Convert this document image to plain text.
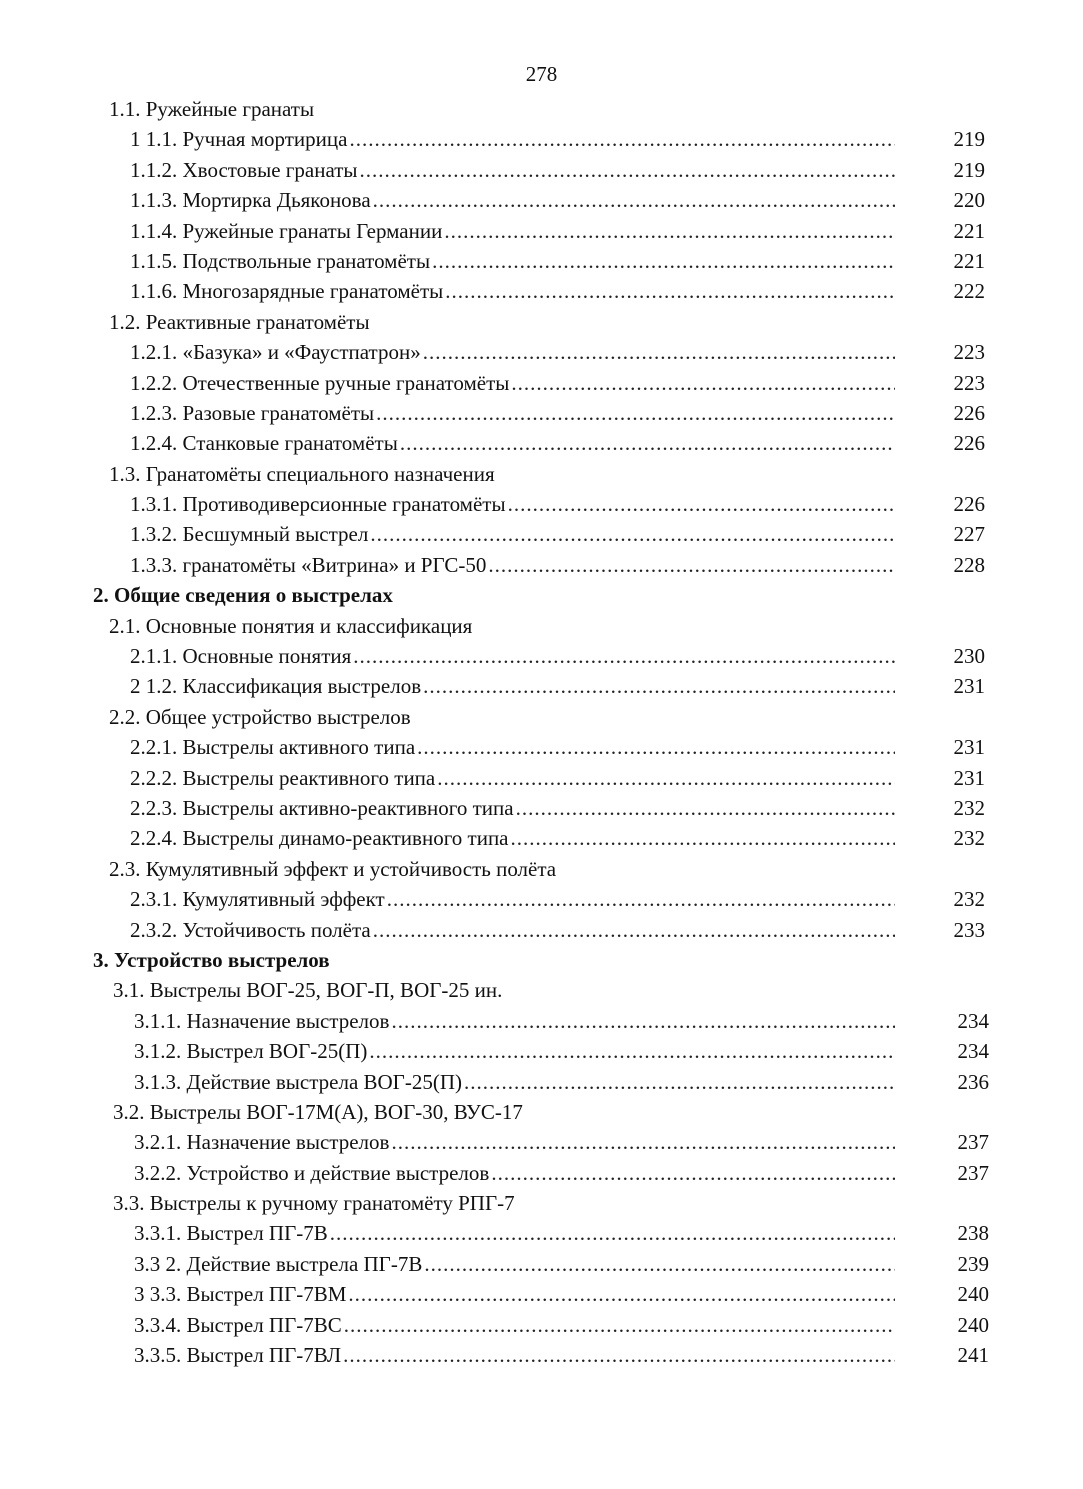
278
1.1. Ружейные гранаты
1 1.1. Ручная мортирица .....	219
1.1.2. Хвостовые гранаты .....	219
1.1.3. Мортирка Дьяконова .....	220
1.1.4. Ружейные гранаты Германии .....	221
1.1.5. Подствольные гранатомёты .....	221
1.1.6. Многозарядные гранатомёты .....	222
1.2. Реактивные гранатомёты
1.2.1. «Базука» и «Фаустпатрон» .....	223
1.2.2. Отечественные ручные гранатомёты .....	223
1.2.3. Разовые гранатомёты .....	226
1.2.4. Станковые гранатомёты .....	226
1.3. Гранатомёты специального назначения
1.3.1. Противодиверсионные гранатомёты .....	226
1.3.2. Бесшумный выстрел .....	227
1.3.3. гранатомёты «Витрина» и РГС-50 .....	228
2. Общие сведения о выстрелах
2.1. Основные понятия и классификация
2.1.1. Основные понятия .....	230
2 1.2. Классификация выстрелов .....	231
2.2. Общее устройство выстрелов
2.2.1. Выстрелы активного типа .....	231
2.2.2. Выстрелы реактивного типа .....	231
2.2.3. Выстрелы активно-реактивного типа .....	232
2.2.4. Выстрелы динамо-реактивного типа .....	232
2.3. Кумулятивный эффект и устойчивость полёта
2.3.1. Кумулятивный эффект .....	232
2.3.2. Устойчивость полёта .....	233
3. Устройство выстрелов
3.1. Выстрелы ВОГ-25, ВОГ-П, ВОГ-25 ин.
3.1.1. Назначение выстрелов .....	234
3.1.2. Выстрел ВОГ-25(П) .....	234
3.1.3. Действие выстрела ВОГ-25(П) .....	236
3.2. Выстрелы ВОГ-17М(А), ВОГ-30, ВУС-17
3.2.1. Назначение выстрелов .....	237
3.2.2. Устройство и действие выстрелов .....	237
3.3. Выстрелы к ручному гранатомёту РПГ-7
3.3.1. Выстрел ПГ-7В .....	238
3.3 2. Действие выстрела ПГ-7В .....	239
3 3.3. Выстрел ПГ-7ВМ .....	240
3.3.4. Выстрел ПГ-7ВС .....	240
3.3.5. Выстрел ПГ-7ВЛ .....	241
